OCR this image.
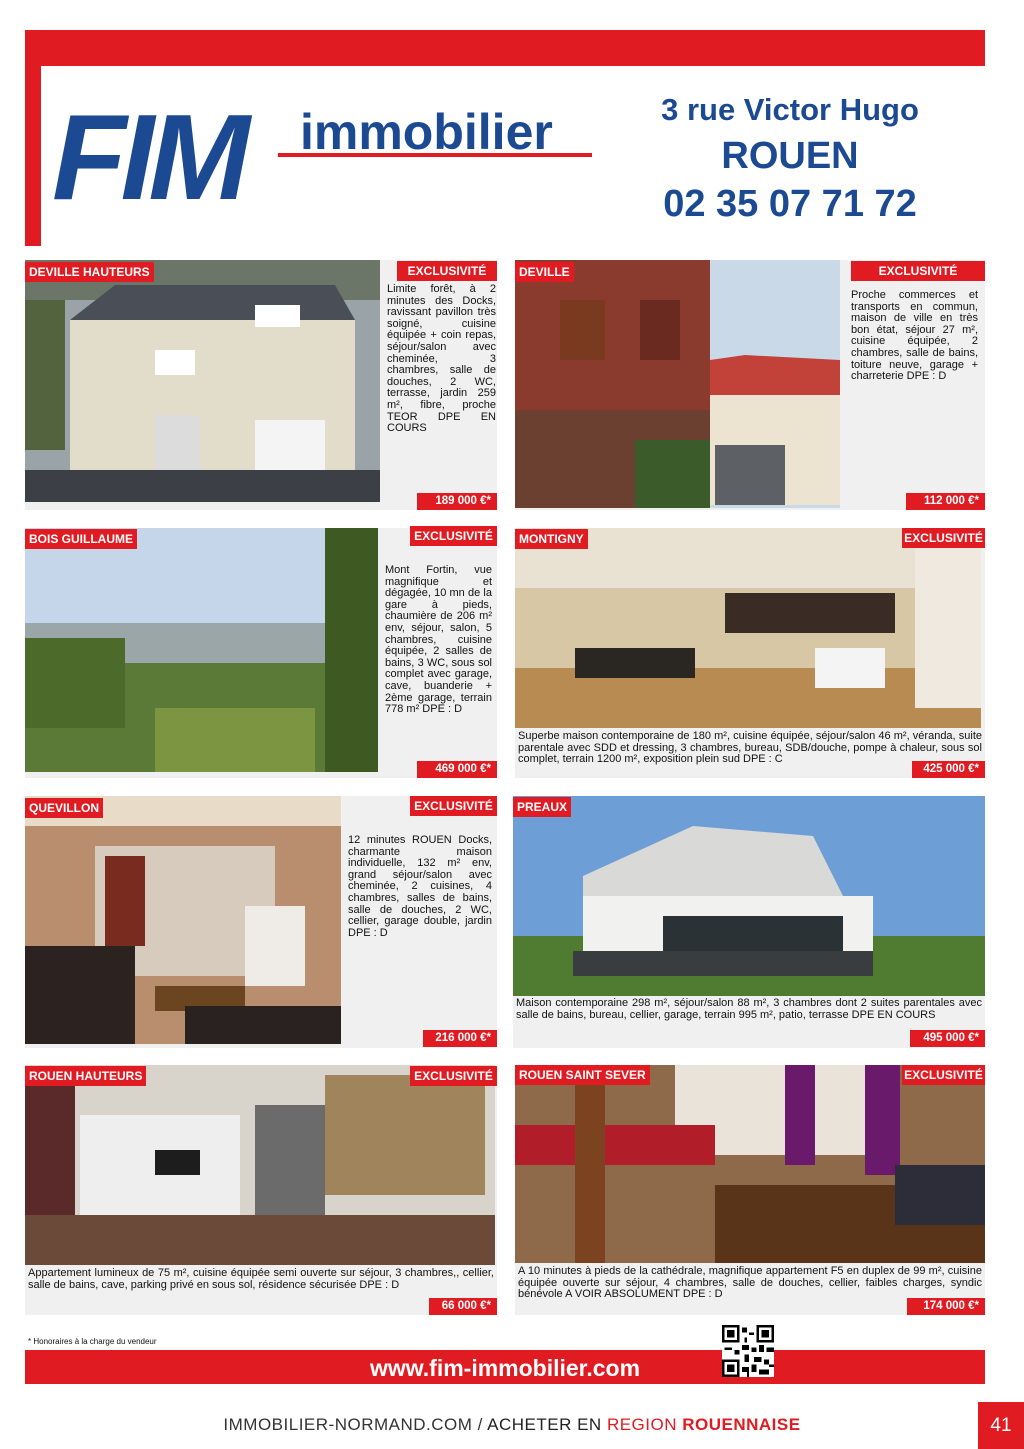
FIM immobilier	3 rue Victor Hugo
ROUEN
02 35 07 71 72
DEVILLE HAUTEURS	EXCLUSIVITÉ
Limite forêt, à 2 minutes des Docks, ravissant pavillon très soigné, cuisine équipée + coin repas, séjour/salon avec cheminée, 3 chambres, salle de douches, 2 WC, terrasse, jardin 259 m², fibre, proche TEOR DPE EN COURS
189 000 €*
DEVILLE	EXCLUSIVITÉ
Proche commerces et transports en commun, maison de ville en très bon état, séjour 27 m², cuisine équipée, 2 chambres, salle de bains, toiture neuve, garage + charreterie DPE : D
112 000 €*
BOIS GUILLAUME	EXCLUSIVITÉ
Mont Fortin, vue magnifique et dégagée, 10 mn de la gare à pieds, chaumière de 206 m² env, séjour, salon, 5 chambres, cuisine équipée, 2 salles de bains, 3 WC, sous sol complet avec garage, cave, buanderie + 2ème garage, terrain 778 m² DPE : D
469 000 €*
MONTIGNY	EXCLUSIVITÉ
Superbe maison contemporaine de 180 m², cuisine équipée, séjour/salon 46 m², véranda, suite parentale avec SDD et dressing, 3 chambres, bureau, SDB/douche, pompe à chaleur, sous sol complet, terrain 1200 m², exposition plein sud DPE : C
425 000 €*
QUEVILLON	EXCLUSIVITÉ
12 minutes ROUEN Docks, charmante maison individuelle, 132 m² env, grand séjour/salon avec cheminée, 2 cuisines, 4 chambres, salles de bains, salle de douches, 2 WC, cellier, garage double, jardin DPE : D
216 000 €*
PREAUX
Maison contemporaine 298 m², séjour/salon 88 m², 3 chambres dont 2 suites parentales avec salle de bains, bureau, cellier, garage, terrain 995 m², patio, terrasse DPE EN COURS
495 000 €*
ROUEN HAUTEURS	EXCLUSIVITÉ
Appartement lumineux de 75 m², cuisine équipée semi ouverte sur séjour, 3 chambres,, cellier, salle de bains, cave, parking privé en sous sol, résidence sécurisée DPE : D
66 000 €*
ROUEN SAINT SEVER	EXCLUSIVITÉ
A 10 minutes à pieds de la cathédrale, magnifique appartement F5 en duplex de 99 m², cuisine équipée ouverte sur séjour, 4 chambres, salle de douches, cellier, faibles charges, syndic bénévole A VOIR ABSOLUMENT DPE : D
174 000 €*
* Honoraires à la charge du vendeur
www.fim-immobilier.com
IMMOBILIER-NORMAND.COM / ACHETER EN REGION ROUENNAISE	41
